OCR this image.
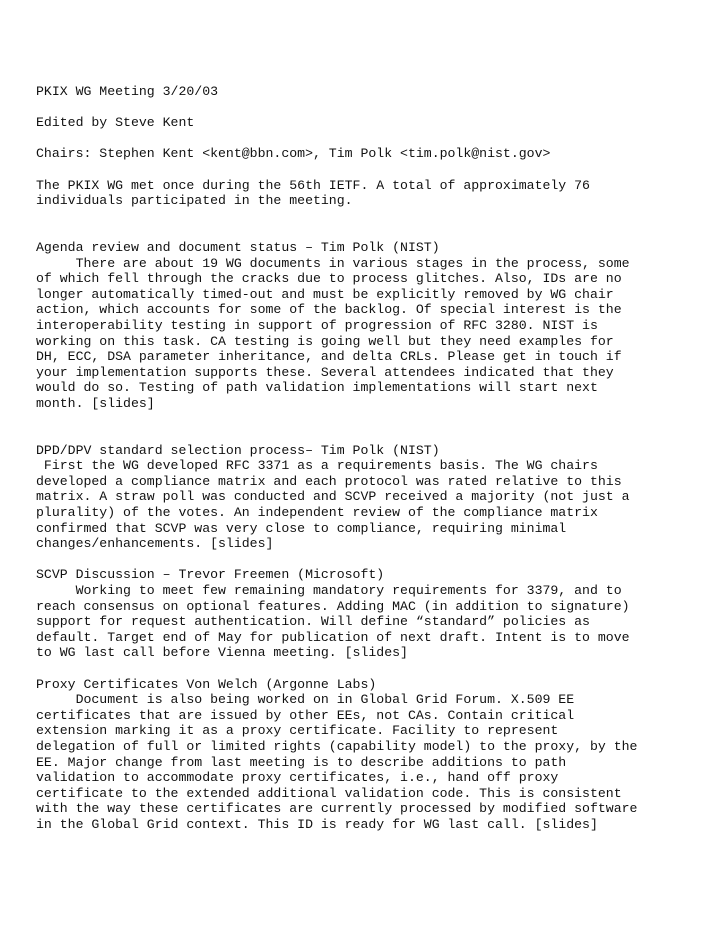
PKIX WG Meeting 3/20/03
Edited by Steve Kent
Chairs: Stephen Kent <kent@bbn.com>, Tim Polk <tim.polk@nist.gov>
The PKIX WG met once during the 56th IETF. A total of approximately 76
individuals participated in the meeting.
Agenda review and document status – Tim Polk (NIST)
There are about 19 WG documents in various stages in the process, some
of which fell through the cracks due to process glitches. Also, IDs are no
longer automatically timed-out and must be explicitly removed by WG chair
action, which accounts for some of the backlog. Of special interest is the
interoperability testing in support of progression of RFC 3280. NIST is
working on this task. CA testing is going well but they need examples for
DH, ECC, DSA parameter inheritance, and delta CRLs. Please get in touch if
your implementation supports these. Several attendees indicated that they
would do so. Testing of path validation implementations will start next
month. [slides]
DPD/DPV standard selection process– Tim Polk (NIST)
First the WG developed RFC 3371 as a requirements basis. The WG chairs
developed a compliance matrix and each protocol was rated relative to this
matrix. A straw poll was conducted and SCVP received a majority (not just a
plurality) of the votes. An independent review of the compliance matrix
confirmed that SCVP was very close to compliance, requiring minimal
changes/enhancements. [slides]
SCVP Discussion – Trevor Freemen (Microsoft)
Working to meet few remaining mandatory requirements for 3379, and to
reach consensus on optional features. Adding MAC (in addition to signature)
support for request authentication. Will define “standard” policies as
default. Target end of May for publication of next draft. Intent is to move
to WG last call before Vienna meeting. [slides]
Proxy Certificates Von Welch (Argonne Labs)
Document is also being worked on in Global Grid Forum. X.509 EE
certificates that are issued by other EEs, not CAs. Contain critical
extension marking it as a proxy certificate. Facility to represent
delegation of full or limited rights (capability model) to the proxy, by the
EE. Major change from last meeting is to describe additions to path
validation to accommodate proxy certificates, i.e., hand off proxy
certificate to the extended additional validation code. This is consistent
with the way these certificates are currently processed by modified software
in the Global Grid context. This ID is ready for WG last call. [slides]
